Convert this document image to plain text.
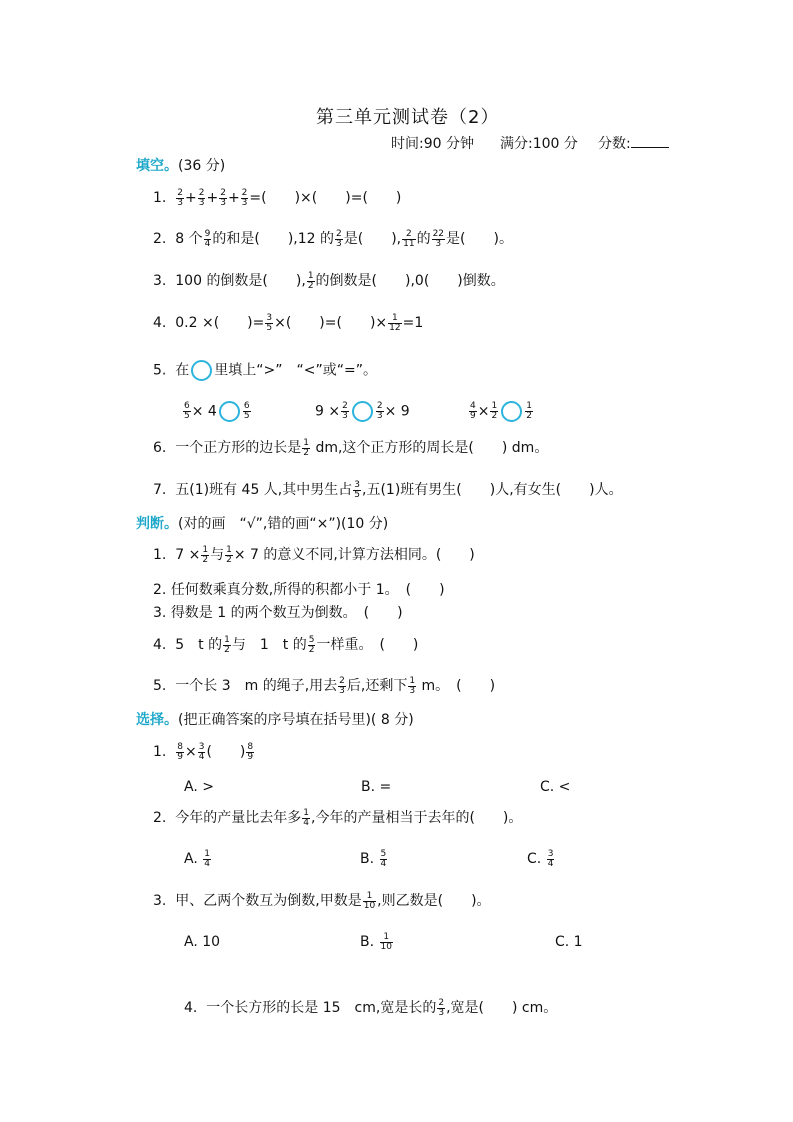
第三单元测试卷（2）
时间:90 分钟 满分:100 分 分数:
填空。(36 分)
1. $\frac{2}{3} + \frac{2}{3} + \frac{2}{3} + \frac{2}{3}$ =(　　)×(　　)=(　　)
2. 8 个 $\frac{9}{4}$ 的和是(　　),12 的 $\frac{2}{3}$ 是(　　), $\frac{2}{11}$ 的 $\frac{22}{3}$ 是(　　)。
3. 100 的倒数是(　　), $\frac{1}{2}$ 的倒数是(　　),0(　　)倒数。
4. 0.2 ×(　　)= $\frac{3}{5}$ ×(　　)=(　　)× $\frac{1}{12} =1$
5. 在 里填上“>”　“<”或“=”。
$\frac{6}{5} \times 4$	$\frac{6}{5}$	$9 \times \frac{2}{3}$	$\frac{2}{3} \times 9$	$\frac{4}{9} \times \frac{1}{2}$	$\frac{1}{2}$
6. 一个正方形的边长是 $\frac{1}{2}$ dm,这个正方形的周长是(　　) dm。
7. 五(1)班有 45 人,其中男生占 $\frac{3}{5}$ ,五(1)班有男生(　　)人,有女生(　　)人。
判断。(对的画　“√”,错的画“×”)(10 分)
1. $7 \times \frac{1}{2}$ 与 $\frac{1}{2} \times 7$ 的意义不同,计算方法相同。(　　)
2. 任何数乘真分数,所得的积都小于 1。　(　　)
3. 得数是 1 的两个数互为倒数。　(　　)
4. 5　t 的 $\frac{1}{2}$ 与　1　t 的 $\frac{5}{2}$ 一样重。　(　　)
5. 一个长 3　m 的绳子,用去 $\frac{2}{3}$ 后,还剩下 $\frac{1}{3}$ m。　(　　)
选择。(把正确答案的序号填在括号里)( 8 分)
1. $\frac{8}{9} \times \frac{3}{4}$ (　　) $\frac{8}{9}$
A. >	B. =	C. <
2. 今年的产量比去年多 $\frac{1}{4}$ ,今年的产量相当于去年的(　　)。
A. $\frac{1}{4}$	B. $\frac{5}{4}$	C. $\frac{3}{4}$
3. 甲、乙两个数互为倒数,甲数是 $\frac{1}{10}$ ,则乙数是(　　)。
A. 10	B. $\frac{1}{10}$	C. 1
4. 一个长方形的长是 15　cm,宽是长的 $\frac{2}{3}$ ,宽是(　　) cm。
